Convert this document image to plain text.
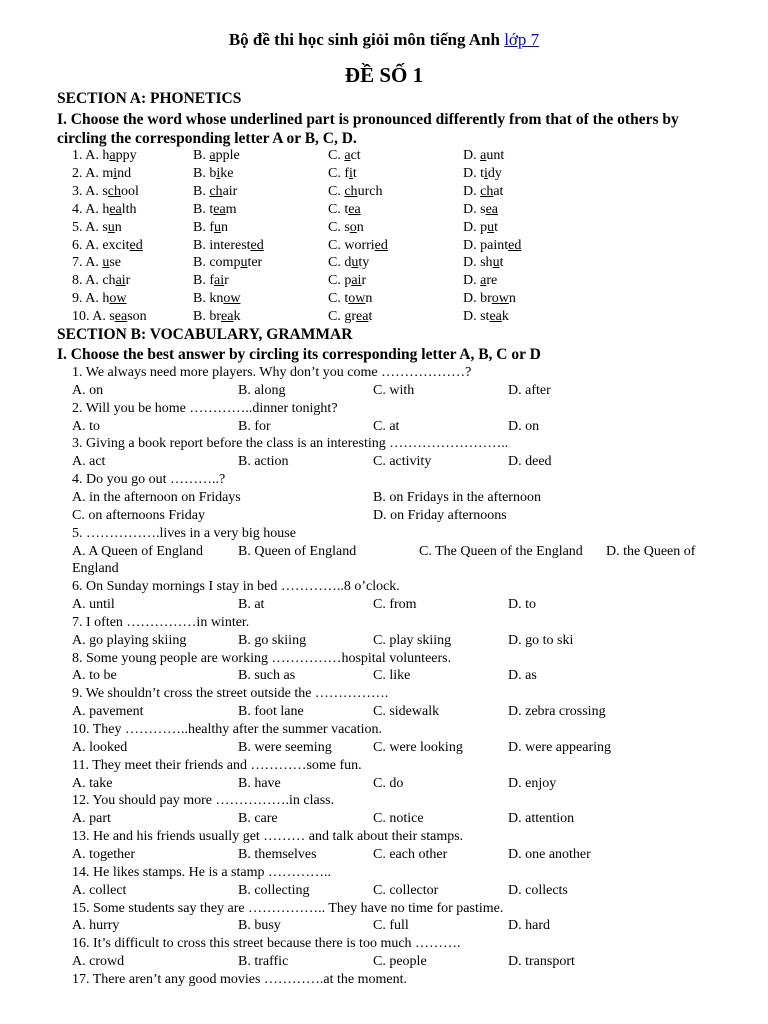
Bộ đề thi học sinh giỏi môn tiếng Anh lớp 7
ĐỀ SỐ 1
SECTION A: PHONETICS
I. Choose the word whose underlined part is pronounced differently from that of the others by circling the corresponding letter A or B, C, D.
1. A. happy	B. apple	C. act	D. aunt
2. A. mind	B. bike	C. fit	D. tidy
3. A. school	B. chair	C. church	D. chat
4. A. health	B. team	C. tea	D. sea
5. A. sun	B. fun	C. son	D. put
6. A. excited	B. interested	C. worried	D. painted
7. A. use	B. computer	C. duty	D. shut
8. A. chair	B. fair	C. pair	D. are
9. A. how	B. know	C. town	D. brown
10. A. season	B. break	C. great	D. steak
SECTION B: VOCABULARY, GRAMMAR
I. Choose the best answer by circling its corresponding letter A, B, C or D
1. We always need more players. Why don’t you come ………………?
A. on	B. along	C. with	D. after
2. Will you be home …………..dinner tonight?
A. to	B. for	C. at	D. on
3. Giving a book report before the class is an interesting ……………………..
A. act	B. action	C. activity	D. deed
4. Do you go out ………..?
A. in the afternoon on Fridays	B. on Fridays in the afternoon
C. on afternoons Friday	D. on Friday afternoons
5. …………….lives in a very big house
A. A Queen of England B. Queen of England	C. The Queen of the England D. the Queen of
England
6. On Sunday mornings I stay in bed …………..8 o’clock.
A. until	B. at	C. from	D. to
7. I often ……………in winter.
A. go playing skiing	B. go skiing	C. play skiing	D. go to ski
8. Some young people are working ……………hospital volunteers.
A. to be	B. such as	C. like	D. as
9. We shouldn’t cross the street outside the …………….
A. pavement	B. foot lane	C. sidewalk	D. zebra crossing
10. They …………..healthy after the summer vacation.
A. looked	B. were seeming	C. were looking	D. were appearing
11. They meet their friends and …………some fun.
A. take	B. have	C. do	D. enjoy
12. You should pay more …………….in class.
A. part	B. care	C. notice	D. attention
13. He and his friends usually get ……… and talk about their stamps.
A. together	B. themselves	C. each other	D. one another
14. He likes stamps. He is a stamp …………..
A. collect	B. collecting	C. collector	D. collects
15. Some students say they are …………….. They have no time for pastime.
A. hurry	B. busy	C. full	D. hard
16. It’s difficult to cross this street because there is too much ……….
A. crowd	B. traffic	C. people	D. transport
17. There aren’t any good movies ………….at the moment.
